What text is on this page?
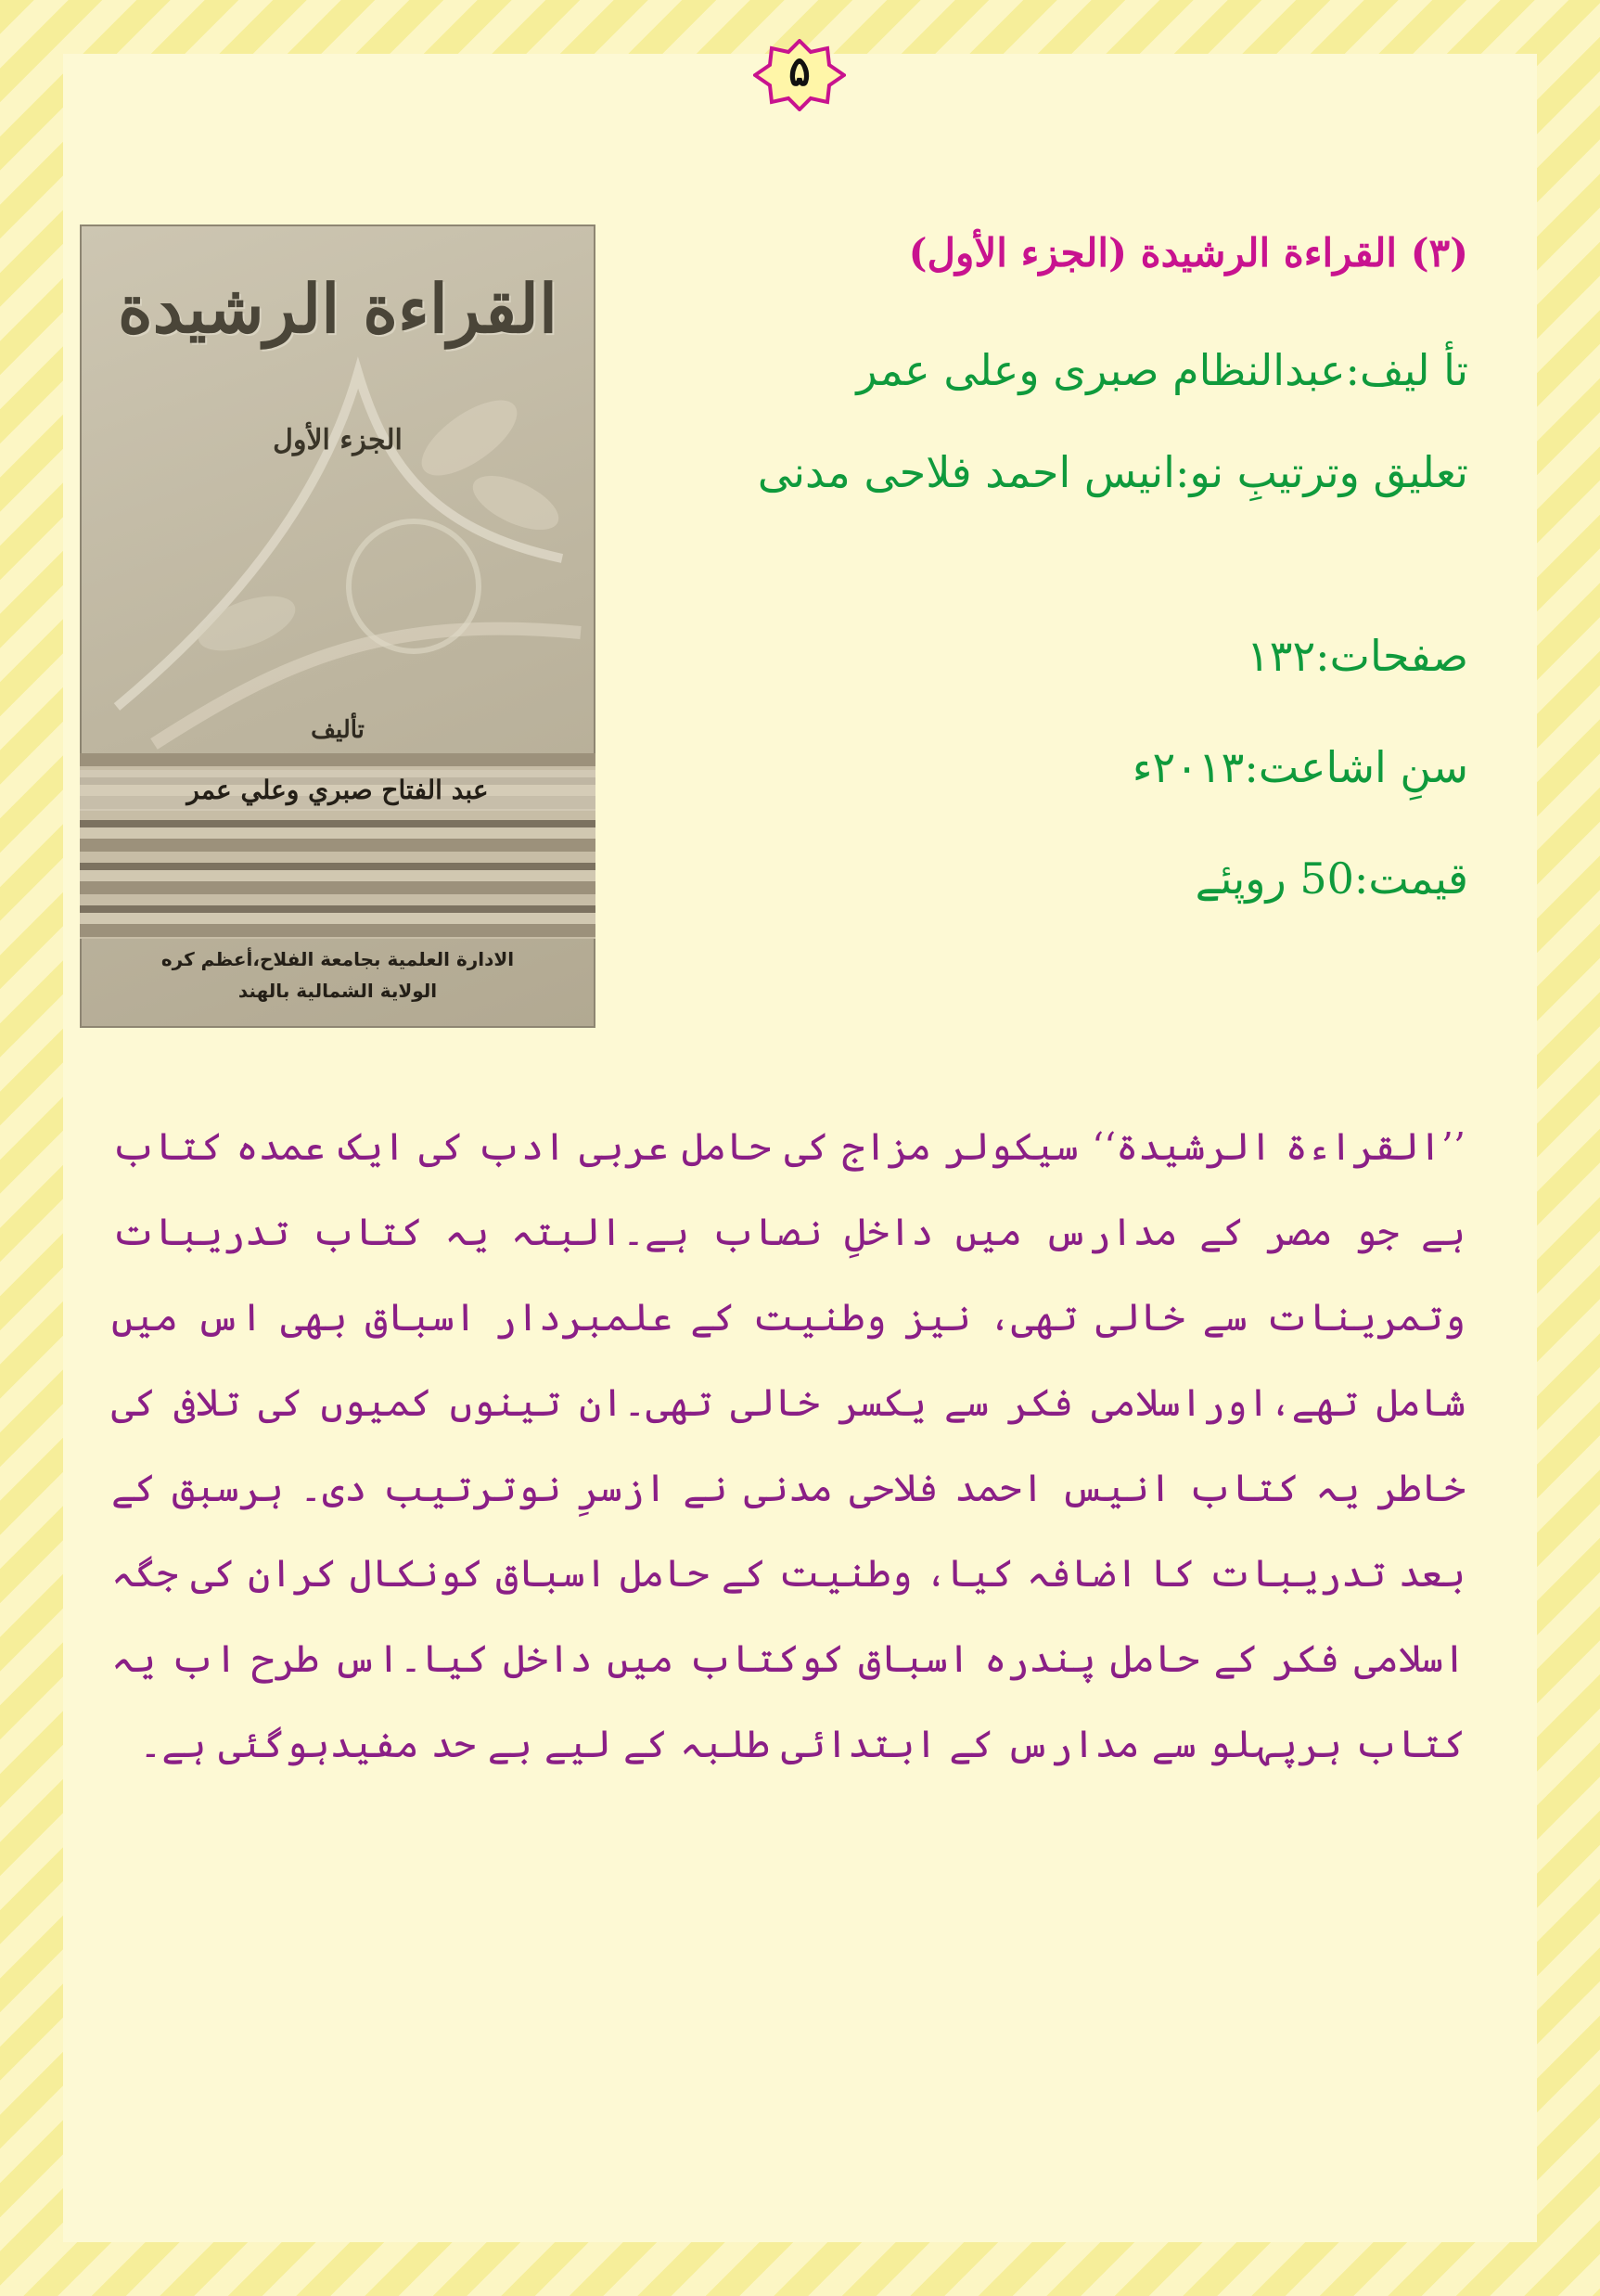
۵
القراءة الرشيدة
الجزء الأول
تأليف
عبد الفتاح صبري وعلي عمر
الادارة العلمية بجامعة الفلاح،أعظم كره
الولاية الشمالية بالهند
(۳) القراءة الرشيدة (الجزء الأول)
تأ لیف:عبدالنظام صبری وعلی عمر
تعلیق وترتیبِ نو:انیس احمد فلاحی مدنی
صفحات:۱۳۲
سنِ اشاعت:۲۰۱۳ء
قیمت:50 روپئے
’’القراءۃ الرشیدۃ‘‘ سیکولر مزاج کی حامل عربی ادب کی ایک عمدہ کتاب ہے جو مصر کے مدارس میں داخلِ نصاب ہے۔البتہ یہ کتاب تدریبات وتمرینات سے خالی تھی، نیز وطنیت کے علمبردار اسباق بھی اس میں شامل تھے،اوراسلامی فکر سے یکسر خالی تھی۔ان تینوں کمیوں کی تلافی کی خاطر یہ کتاب انیس احمد فلاحی مدنی نے ازسرِ نوترتیب دی۔ ہرسبق کے بعد تدریبات کا اضافہ کیا، وطنیت کے حامل اسباق کونکال کران کی جگہ اسلامی فکر کے حامل پندرہ اسباق کوکتاب میں داخل کیا۔اس طرح اب یہ کتاب ہرپہلو سے مدارس کے ابتدائی طلبہ کے لیے بے حد مفیدہوگئی ہے۔
